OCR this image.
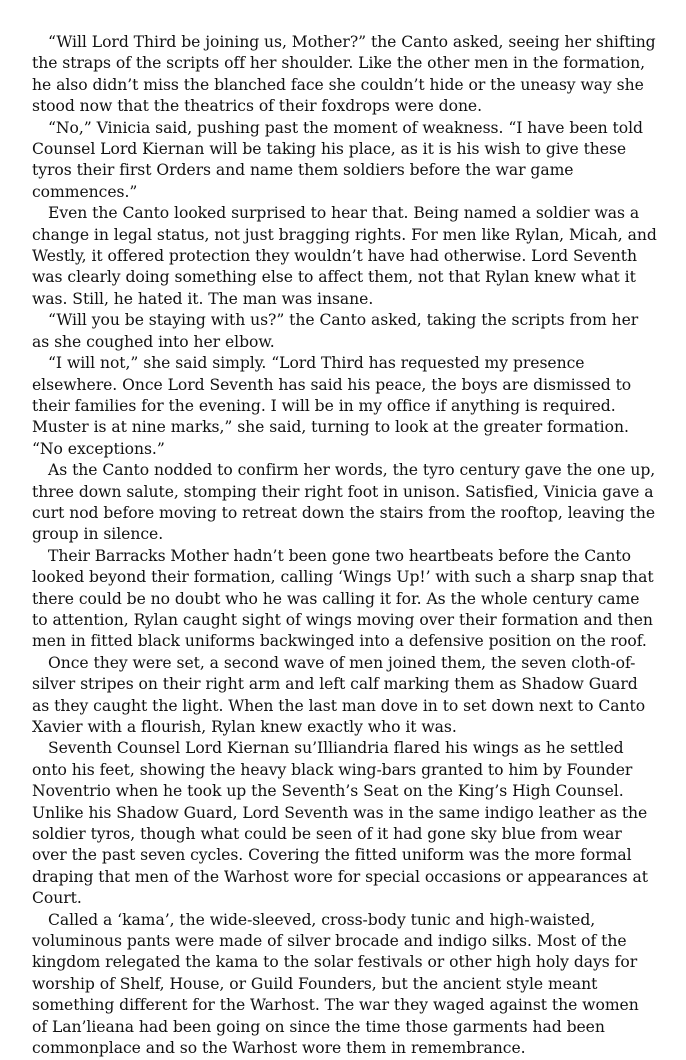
“Will Lord Third be joining us, Mother?” the Canto asked, seeing her shifting the straps of the scripts off her shoulder. Like the other men in the formation, he also didn’t miss the blanched face she couldn’t hide or the uneasy way she stood now that the theatrics of their foxdrops were done.

“No,” Vinicia said, pushing past the moment of weakness. “I have been told Counsel Lord Kiernan will be taking his place, as it is his wish to give these tyros their first Orders and name them soldiers before the war game commences.”

Even the Canto looked surprised to hear that. Being named a soldier was a change in legal status, not just bragging rights. For men like Rylan, Micah, and Westly, it offered protection they wouldn’t have had otherwise. Lord Seventh was clearly doing something else to affect them, not that Rylan knew what it was. Still, he hated it. The man was insane.

“Will you be staying with us?” the Canto asked, taking the scripts from her as she coughed into her elbow.

“I will not,” she said simply. “Lord Third has requested my presence elsewhere. Once Lord Seventh has said his peace, the boys are dismissed to their families for the evening. I will be in my office if anything is required. Muster is at nine marks,” she said, turning to look at the greater formation. “No exceptions.”

As the Canto nodded to confirm her words, the tyro century gave the one up, three down salute, stomping their right foot in unison. Satisfied, Vinicia gave a curt nod before moving to retreat down the stairs from the rooftop, leaving the group in silence.

Their Barracks Mother hadn’t been gone two heartbeats before the Canto looked beyond their formation, calling ‘Wings Up!’ with such a sharp snap that there could be no doubt who he was calling it for. As the whole century came to attention, Rylan caught sight of wings moving over their formation and then men in fitted black uniforms backwinged into a defensive position on the roof.

Once they were set, a second wave of men joined them, the seven cloth-of-silver stripes on their right arm and left calf marking them as Shadow Guard as they caught the light. When the last man dove in to set down next to Canto Xavier with a flourish, Rylan knew exactly who it was.

Seventh Counsel Lord Kiernan su’Illiandria flared his wings as he settled onto his feet, showing the heavy black wing-bars granted to him by Founder Noventrio when he took up the Seventh’s Seat on the King’s High Counsel. Unlike his Shadow Guard, Lord Seventh was in the same indigo leather as the soldier tyros, though what could be seen of it had gone sky blue from wear over the past seven cycles. Covering the fitted uniform was the more formal draping that men of the Warhost wore for special occasions or appearances at Court.

Called a ‘kama’, the wide-sleeved, cross-body tunic and high-waisted, voluminous pants were made of silver brocade and indigo silks. Most of the kingdom relegated the kama to the solar festivals or other high holy days for worship of Shelf, House, or Guild Founders, but the ancient style meant something different for the Warhost. The war they waged against the women of Lan’lieana had been going on since the time those garments had been commonplace and so the Warhost wore them in remembrance.
